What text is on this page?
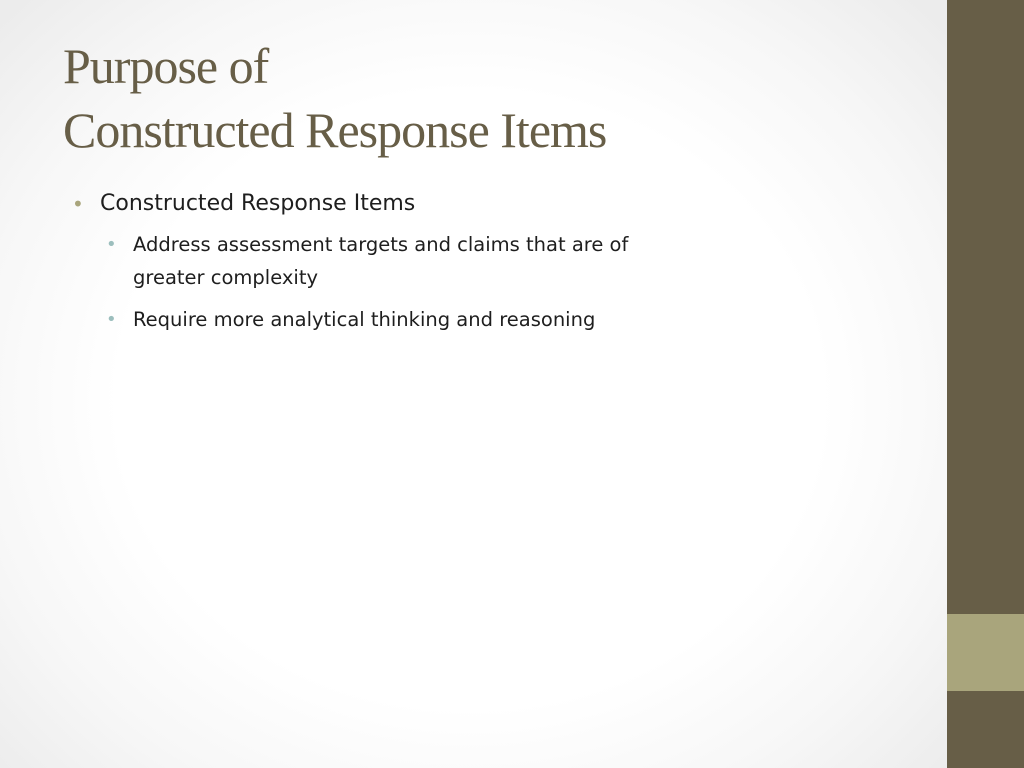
Purpose of
Constructed Response Items
• Constructed Response Items
• Address assessment targets and claims that are of greater complexity
• Require more analytical thinking and reasoning
